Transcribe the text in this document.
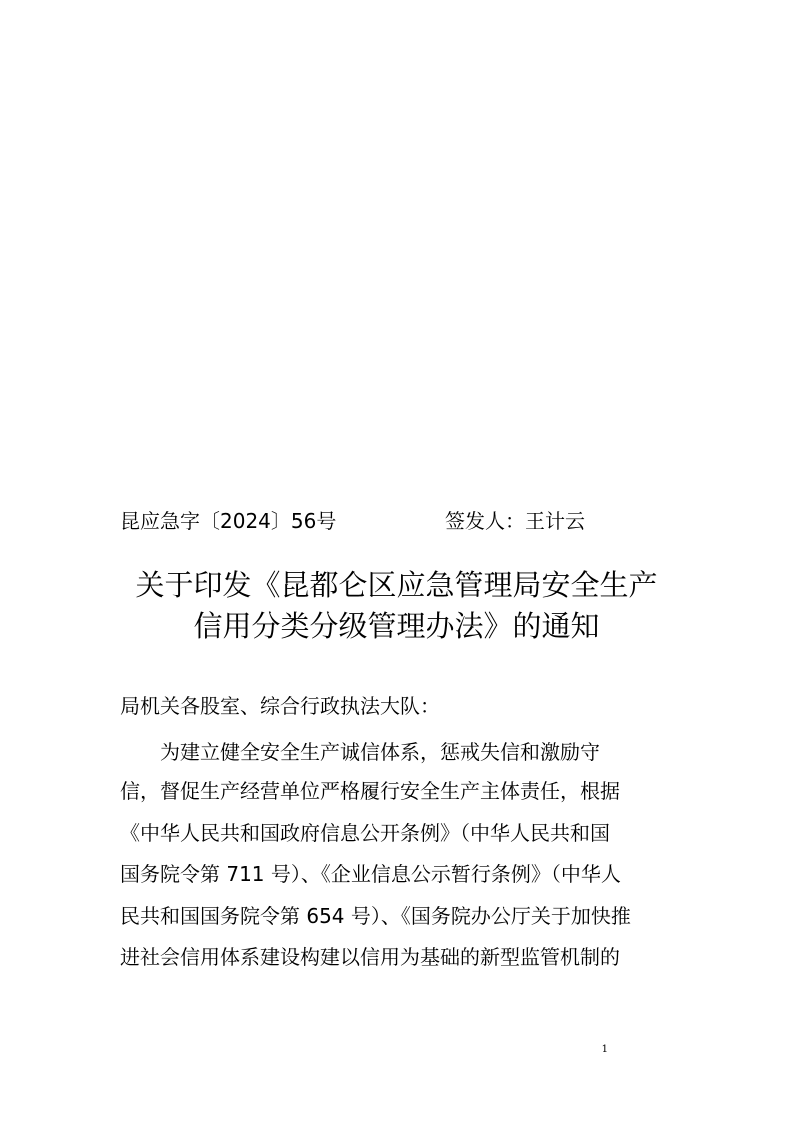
昆应急字〔2024〕56号	签发人：王计云
关于印发《昆都仑区应急管理局安全生产
信用分类分级管理办法》的通知
局机关各股室、综合行政执法大队：
为建立健全安全生产诚信体系，惩戒失信和激励守
信，督促生产经营单位严格履行安全生产主体责任，根据
《中华人民共和国政府信息公开条例》（中华人民共和国
国务院令第 711 号）、《企业信息公示暂行条例》（中华人
民共和国国务院令第 654 号）、《国务院办公厅关于加快推
进社会信用体系建设构建以信用为基础的新型监管机制的
1
